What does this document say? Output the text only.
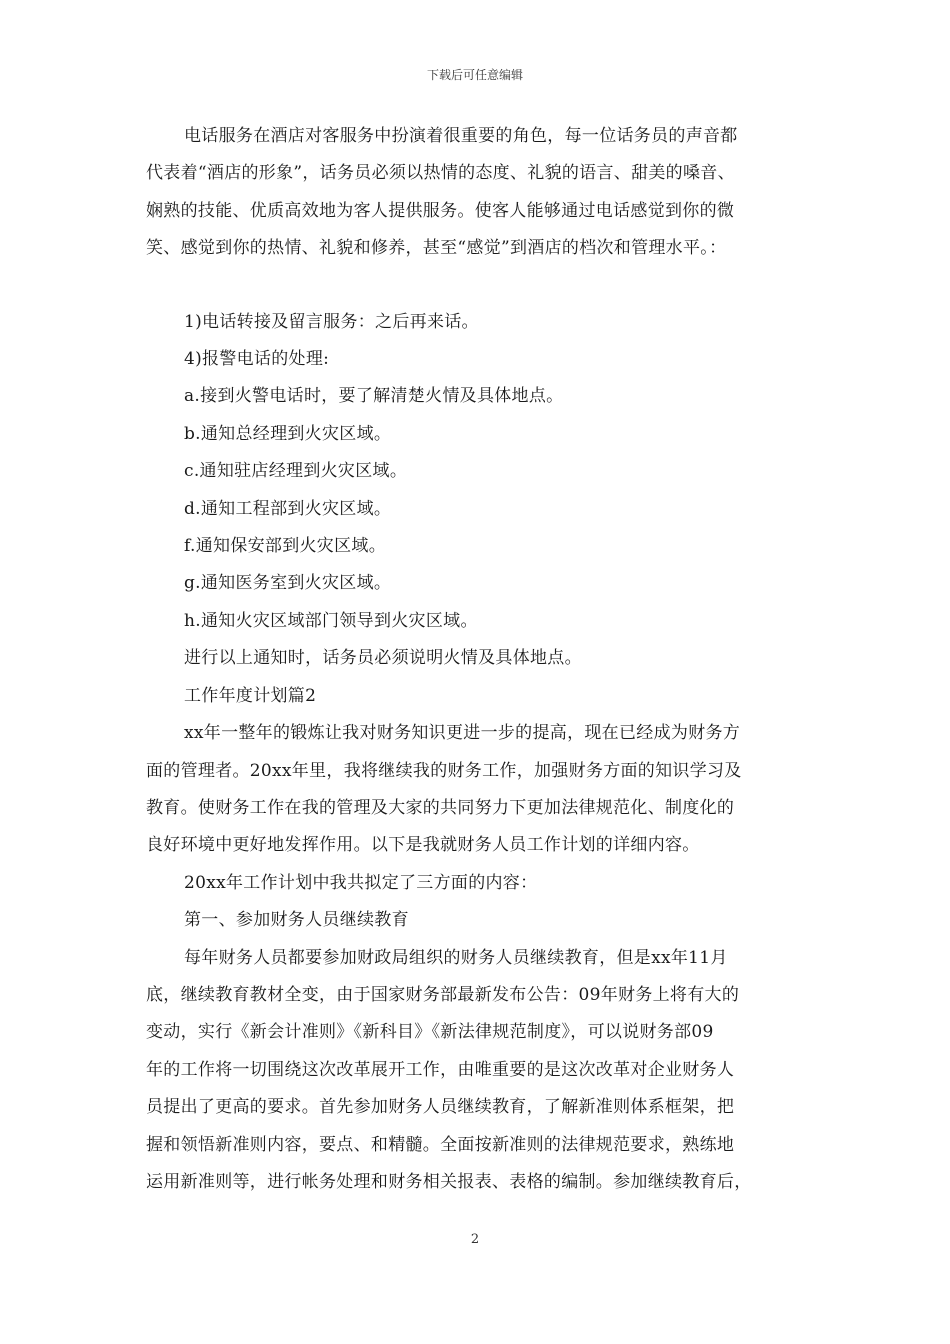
下载后可任意编辑
电话服务在酒店对客服务中扮演着很重要的角色，每一位话务员的声音都
代表着“酒店的形象”，话务员必须以热情的态度、礼貌的语言、甜美的嗓音、
娴熟的技能、优质高效地为客人提供服务。使客人能够通过电话感觉到你的微
笑、感觉到你的热情、礼貌和修养，甚至“感觉”到酒店的档次和管理水平。：
1)电话转接及留言服务：之后再来话。
4)报警电话的处理:
a.接到火警电话时，要了解清楚火情及具体地点。
b.通知总经理到火灾区域。
c.通知驻店经理到火灾区域。
d.通知工程部到火灾区域。
f.通知保安部到火灾区域。
g.通知医务室到火灾区域。
h.通知火灾区域部门领导到火灾区域。
进行以上通知时，话务员必须说明火情及具体地点。
工作年度计划篇2
xx年一整年的锻炼让我对财务知识更进一步的提高，现在已经成为财务方
面的管理者。20xx年里，我将继续我的财务工作，加强财务方面的知识学习及
教育。使财务工作在我的管理及大家的共同努力下更加法律规范化、制度化的
良好环境中更好地发挥作用。以下是我就财务人员工作计划的详细内容。
20xx年工作计划中我共拟定了三方面的内容：
第一、参加财务人员继续教育
每年财务人员都要参加财政局组织的财务人员继续教育，但是xx年11月
底，继续教育教材全变，由于国家财务部最新发布公告：09年财务上将有大的
变动，实行《新会计准则》《新科目》《新法律规范制度》，可以说财务部09
年的工作将一切围绕这次改革展开工作，由唯重要的是这次改革对企业财务人
员提出了更高的要求。首先参加财务人员继续教育，了解新准则体系框架，把
握和领悟新准则内容，要点、和精髓。全面按新准则的法律规范要求，熟练地
运用新准则等，进行帐务处理和财务相关报表、表格的编制。参加继续教育后，
2
